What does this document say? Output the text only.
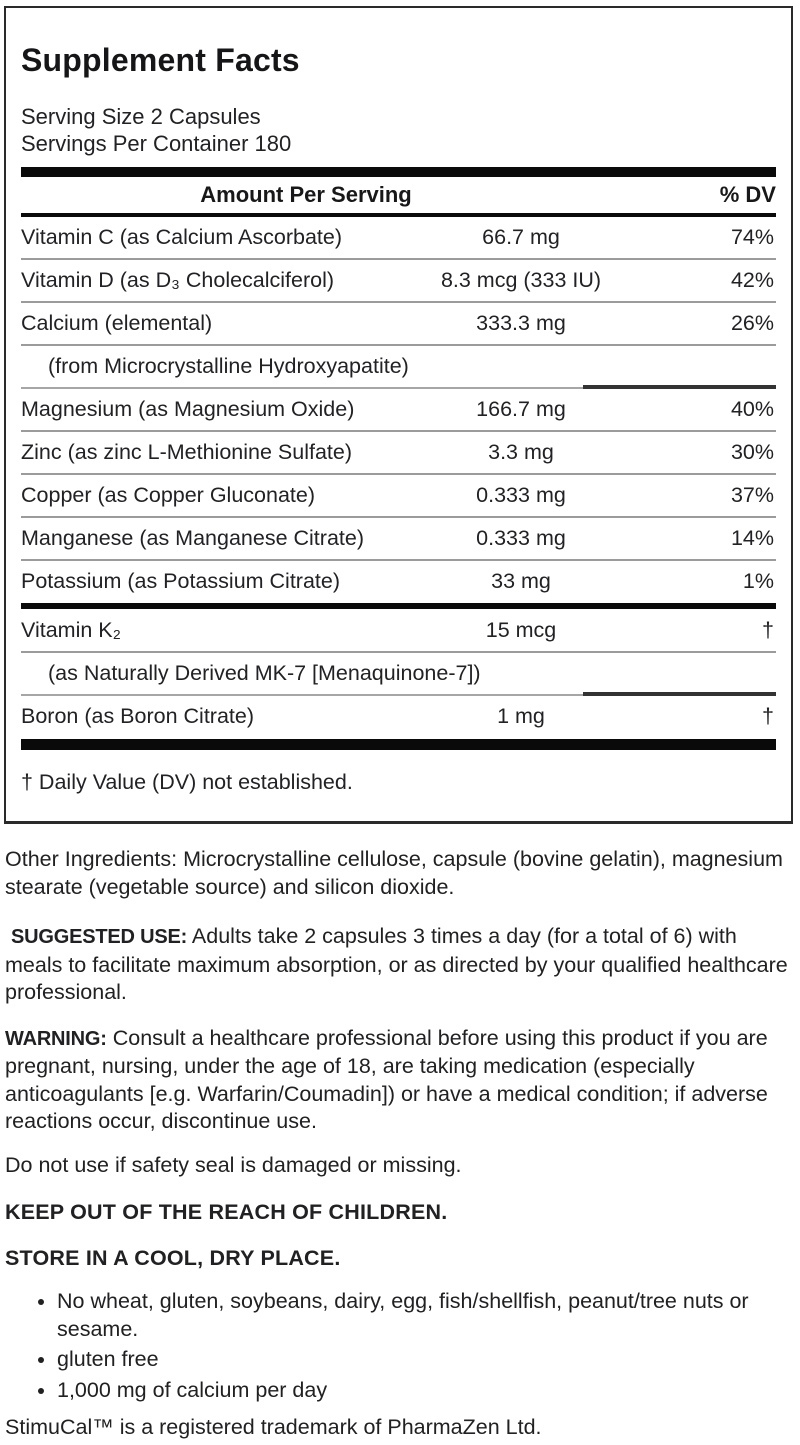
Supplement Facts
Serving Size 2 Capsules
Servings Per Container 180
Amount Per Serving	% DV
Vitamin C (as Calcium Ascorbate)	66.7 mg	74%
Vitamin D (as D₃ Cholecalciferol)	8.3 mcg (333 IU)	42%
Calcium (elemental)	333.3 mg	26%
(from Microcrystalline Hydroxyapatite)
Magnesium (as Magnesium Oxide)	166.7 mg	40%
Zinc (as zinc L-Methionine Sulfate)	3.3 mg	30%
Copper (as Copper Gluconate)	0.333 mg	37%
Manganese (as Manganese Citrate)	0.333 mg	14%
Potassium (as Potassium Citrate)	33 mg	1%
Vitamin K₂	15 mcg	†
(as Naturally Derived MK-7 [Menaquinone-7])
Boron (as Boron Citrate)	1 mg	†
† Daily Value (DV) not established.

Other Ingredients: Microcrystalline cellulose, capsule (bovine gelatin), magnesium stearate (vegetable source) and silicon dioxide.

SUGGESTED USE: Adults take 2 capsules 3 times a day (for a total of 6) with meals to facilitate maximum absorption, or as directed by your qualified healthcare professional.

WARNING: Consult a healthcare professional before using this product if you are pregnant, nursing, under the age of 18, are taking medication (especially anticoagulants [e.g. Warfarin/Coumadin]) or have a medical condition; if adverse reactions occur, discontinue use.

Do not use if safety seal is damaged or missing.

KEEP OUT OF THE REACH OF CHILDREN.

STORE IN A COOL, DRY PLACE.

• No wheat, gluten, soybeans, dairy, egg, fish/shellfish, peanut/tree nuts or sesame.
• gluten free
• 1,000 mg of calcium per day

StimuCal™ is a registered trademark of PharmaZen Ltd.
